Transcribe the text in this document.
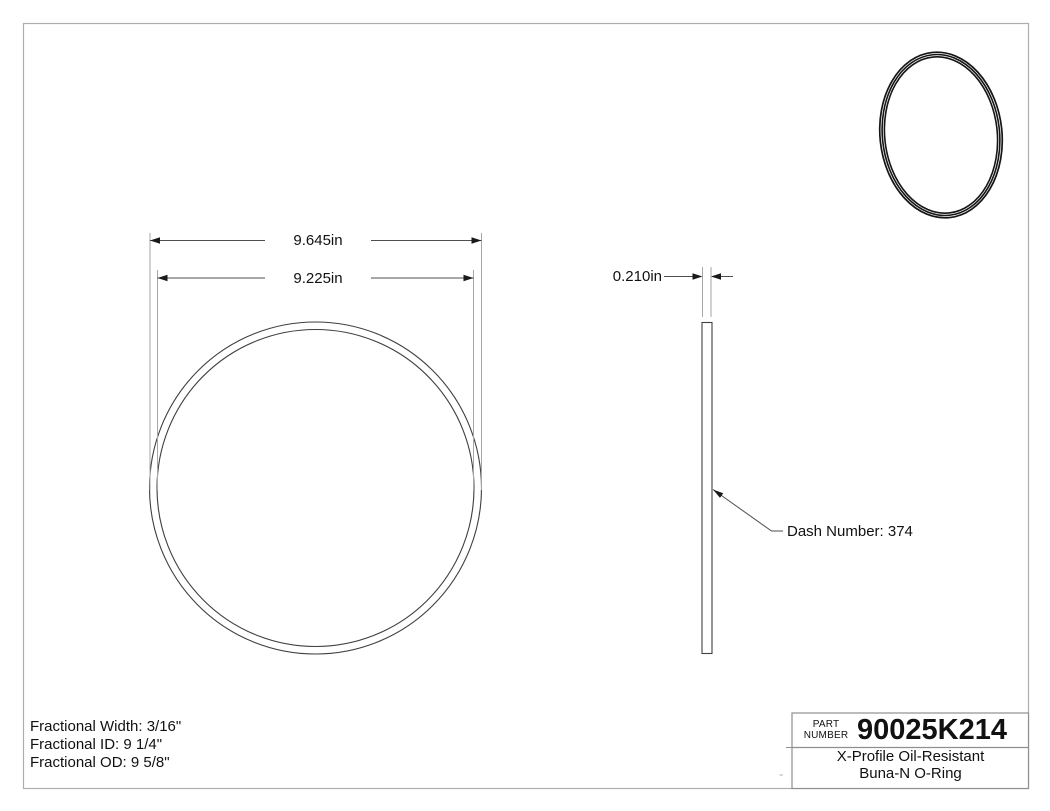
9.645in
9.225in	0.210in
Dash Number: 374
Fractional Width: 3/16"
Fractional ID: 9 1/4"
Fractional OD: 9 5/8"
PART
NUMBER 90025K214
X-Profile Oil-Resistant
Buna-N O-Ring
